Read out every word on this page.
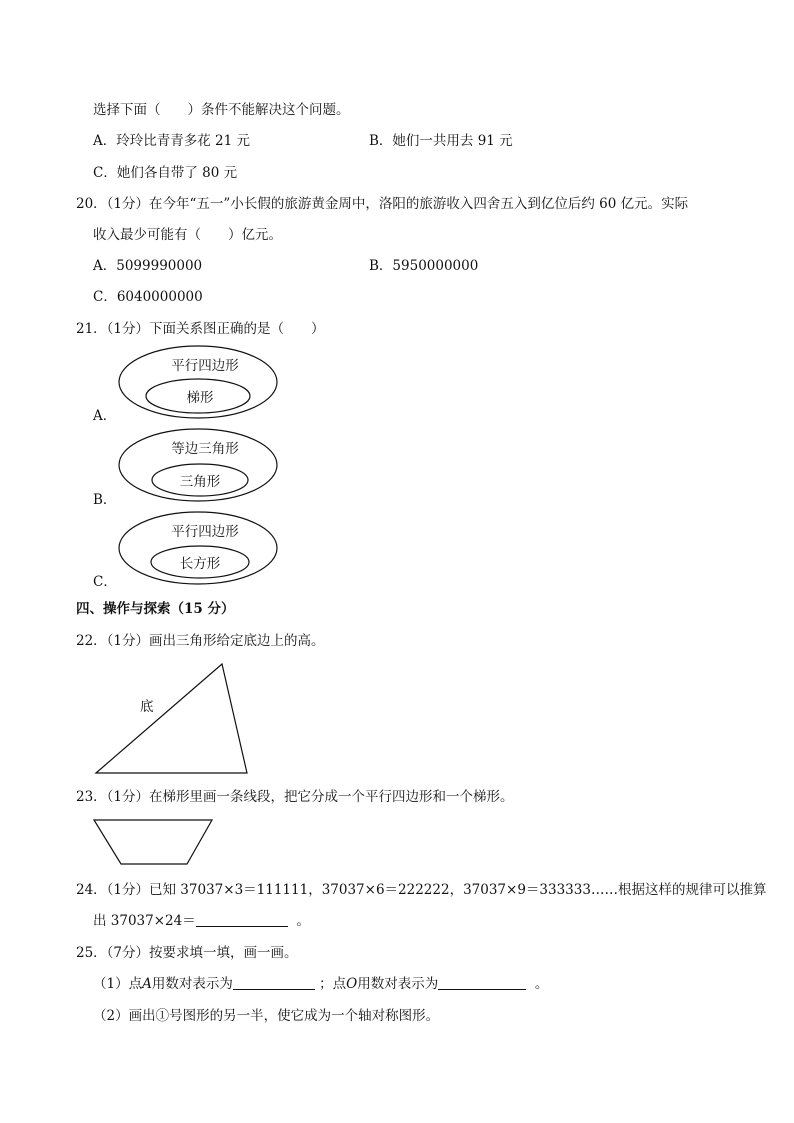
选择下面（　　）条件不能解决这个问题。
A．玲玲比青青多花 21 元	B．她们一共用去 91 元
C．她们各自带了 80 元
20．（1分）在今年“五一”小长假的旅游黄金周中，洛阳的旅游收入四舍五入到亿位后约 60 亿元。实际
收入最少可能有（　　）亿元。
A．5099990000	B．5950000000
C．6040000000
21．（1分）下面关系图正确的是（　　）
A．
B．
C．
平行四边形
梯形
等边三角形
三角形
平行四边形
长方形
底
四、操作与探索（15 分）
22．（1分）画出三角形给定底边上的高。
23．（1分）在梯形里画一条线段，把它分成一个平行四边形和一个梯形。
24．（1分）已知 37037×3＝111111，37037×6＝222222，37037×9＝333333……根据这样的规律可以推算
出 37037×24＝	。
25．（7分）按要求填一填，画一画。
（1）点A用数对表示为	；点O用数对表示为	。
（2）画出①号图形的另一半，使它成为一个轴对称图形。
